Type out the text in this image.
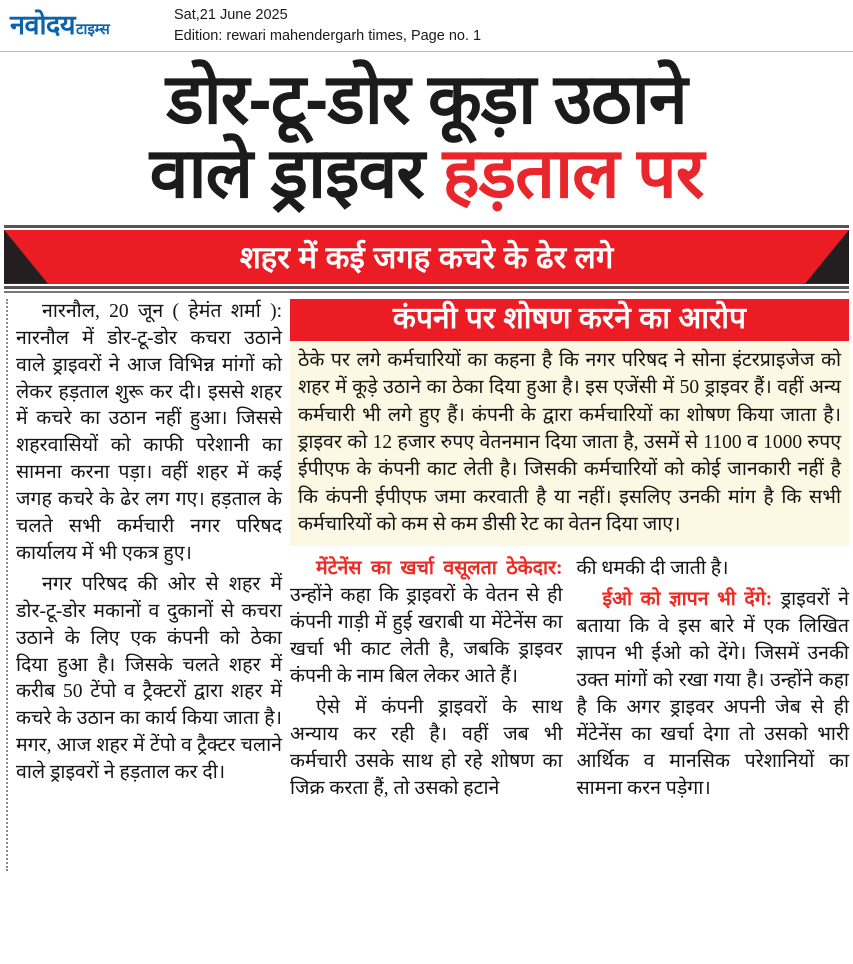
नवोदय टाइम्स
Sat,21 June 2025
Edition: rewari mahendergarh times, Page no. 1
डोर-टू-डोर कूड़ा उठाने
वाले ड्राइवर हड़ताल पर
शहर में कई जगह कचरे के ढेर लगे

नारनौल, 20 जून ( हेमंत शर्मा ): नारनौल में डोर-टू-डोर कचरा उठाने वाले ड्राइवरों ने आज विभिन्न मांगों को लेकर हड़ताल शुरू कर दी। इससे शहर में कचरे का उठान नहीं हुआ। जिससे शहरवासियों को काफी परेशानी का सामना करना पड़ा। वहीं शहर में कई जगह कचरे के ढेर लग गए। हड़ताल के चलते सभी कर्मचारी नगर परिषद कार्यालय में भी एकत्र हुए।

नगर परिषद की ओर से शहर में डोर-टू-डोर मकानों व दुकानों से कचरा उठाने के लिए एक कंपनी को ठेका दिया हुआ है। जिसके चलते शहर में करीब 50 टेंपो व ट्रैक्टरों द्वारा शहर में कचरे के उठान का कार्य किया जाता है। मगर, आज शहर में टेंपो व ट्रैक्टर चलाने वाले ड्राइवरों ने हड़ताल कर दी।

कंपनी पर शोषण करने का आरोप

ठेके पर लगे कर्मचारियों का कहना है कि नगर परिषद ने सोना इंटरप्राइजेज को शहर में कूड़े उठाने का ठेका दिया हुआ है। इस एजेंसी में 50 ड्राइवर हैं। वहीं अन्य कर्मचारी भी लगे हुए हैं। कंपनी के द्वारा कर्मचारियों का शोषण किया जाता है। ड्राइवर को 12 हजार रुपए वेतनमान दिया जाता है, उसमें से 1100 व 1000 रुपए ईपीएफ के कंपनी काट लेती है। जिसकी कर्मचारियों को कोई जानकारी नहीं है कि कंपनी ईपीएफ जमा करवाती है या नहीं। इसलिए उनकी मांग है कि सभी कर्मचारियों को कम से कम डीसी रेट का वेतन दिया जाए।

मेंटेनेंस का खर्चा वसूलता ठेकेदार: उन्होंने कहा कि ड्राइवरों के वेतन से ही कंपनी गाड़ी में हुई खराबी या मेंटेनेंस का खर्चा भी काट लेती है, जबकि ड्राइवर कंपनी के नाम बिल लेकर आते हैं।

ऐसे में कंपनी ड्राइवरों के साथ अन्याय कर रही है। वहीं जब भी कर्मचारी उसके साथ हो रहे शोषण का जिक्र करता हैं, तो उसको हटाने

की धमकी दी जाती है।

ईओ को ज्ञापन भी देंगे: ड्राइवरों ने बताया कि वे इस बारे में एक लिखित ज्ञापन भी ईओ को देंगे। जिसमें उनकी उक्त मांगों को रखा गया है। उन्होंने कहा है कि अगर ड्राइवर अपनी जेब से ही मेंटेनेंस का खर्चा देगा तो उसको भारी आर्थिक व मानसिक परेशानियों का सामना करन पड़ेगा।
